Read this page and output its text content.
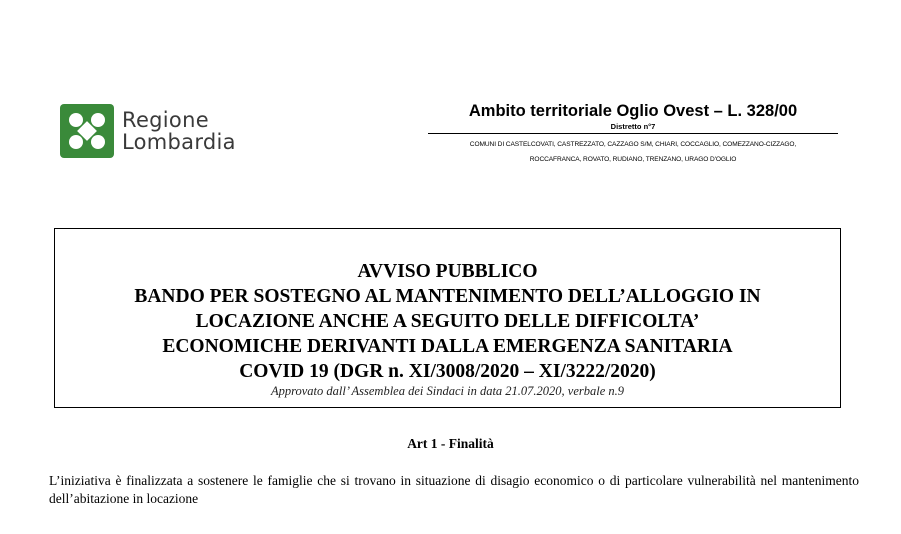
Regione
Lombardia
Ambito territoriale Oglio Ovest – L. 328/00
Distretto n°7
COMUNI DI CASTELCOVATI, CASTREZZATO, CAZZAGO S/M, CHIARI, COCCAGLIO, COMEZZANO-CIZZAGO,
ROCCAFRANCA, ROVATO, RUDIANO, TRENZANO, URAGO D'OGLIO
AVVISO PUBBLICO
BANDO PER SOSTEGNO AL MANTENIMENTO DELL’ALLOGGIO IN
LOCAZIONE ANCHE A SEGUITO DELLE DIFFICOLTA’
ECONOMICHE DERIVANTI DALLA EMERGENZA SANITARIA
COVID 19 (DGR n. XI/3008/2020 – XI/3222/2020)
Approvato dall’ Assemblea dei Sindaci in data 21.07.2020, verbale n.9
Art 1 - Finalità
L’iniziativa è finalizzata a sostenere le famiglie che si trovano in situazione di disagio economico o di particolare vulnerabilità nel mantenimento dell’abitazione in locazione
